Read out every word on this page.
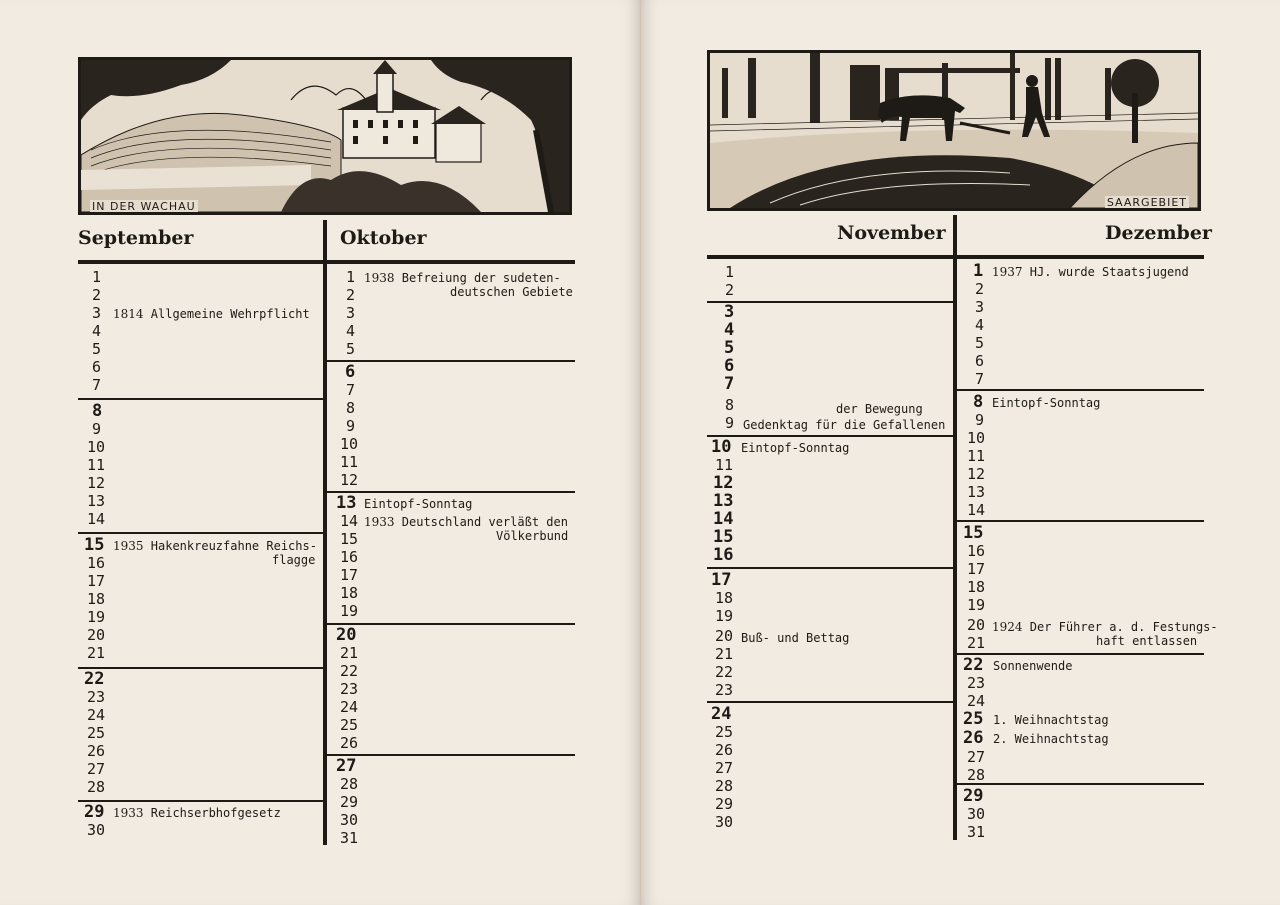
IN DER WACHAU
September	Oktober
1
2
3
4
5
6
7
8
9
10
11
12
13
14
15
16
17
18
19
20
21
22
23
24
25
26
27
28
29
30
1814 Allgemeine Wehrpflicht
1935 Hakenkreuzfahne Reichs-
flagge
1933 Reichserbhofgesetz
1
2
3
4
5
6
7
8
9
10
11
12
13
14
15
16
17
18
19
20
21
22
23
24
25
26
27
28
29
30
31
1938 Befreiung der sudeten-
deutschen Gebiete
Eintopf-Sonntag
1933 Deutschland verläßt den
Völkerbund
SAARGEBIET
November	Dezember
1
2
3
4
5
6
7
8
9
10
11
12
13
14
15
16
17
18
19
20
21
22
23
24
25
26
27
28
29
30
der Bewegung
Gedenktag für die Gefallenen
Eintopf-Sonntag
Buß- und Bettag
1
2
3
4
5
6
7
8
9
10
11
12
13
14
15
16
17
18
19
20
21
22
23
24
25
26
27
28
29
30
31
1937 HJ. wurde Staatsjugend
Eintopf-Sonntag
1924 Der Führer a. d. Festungs-
haft entlassen
Sonnenwende
1. Weihnachtstag
2. Weihnachtstag
